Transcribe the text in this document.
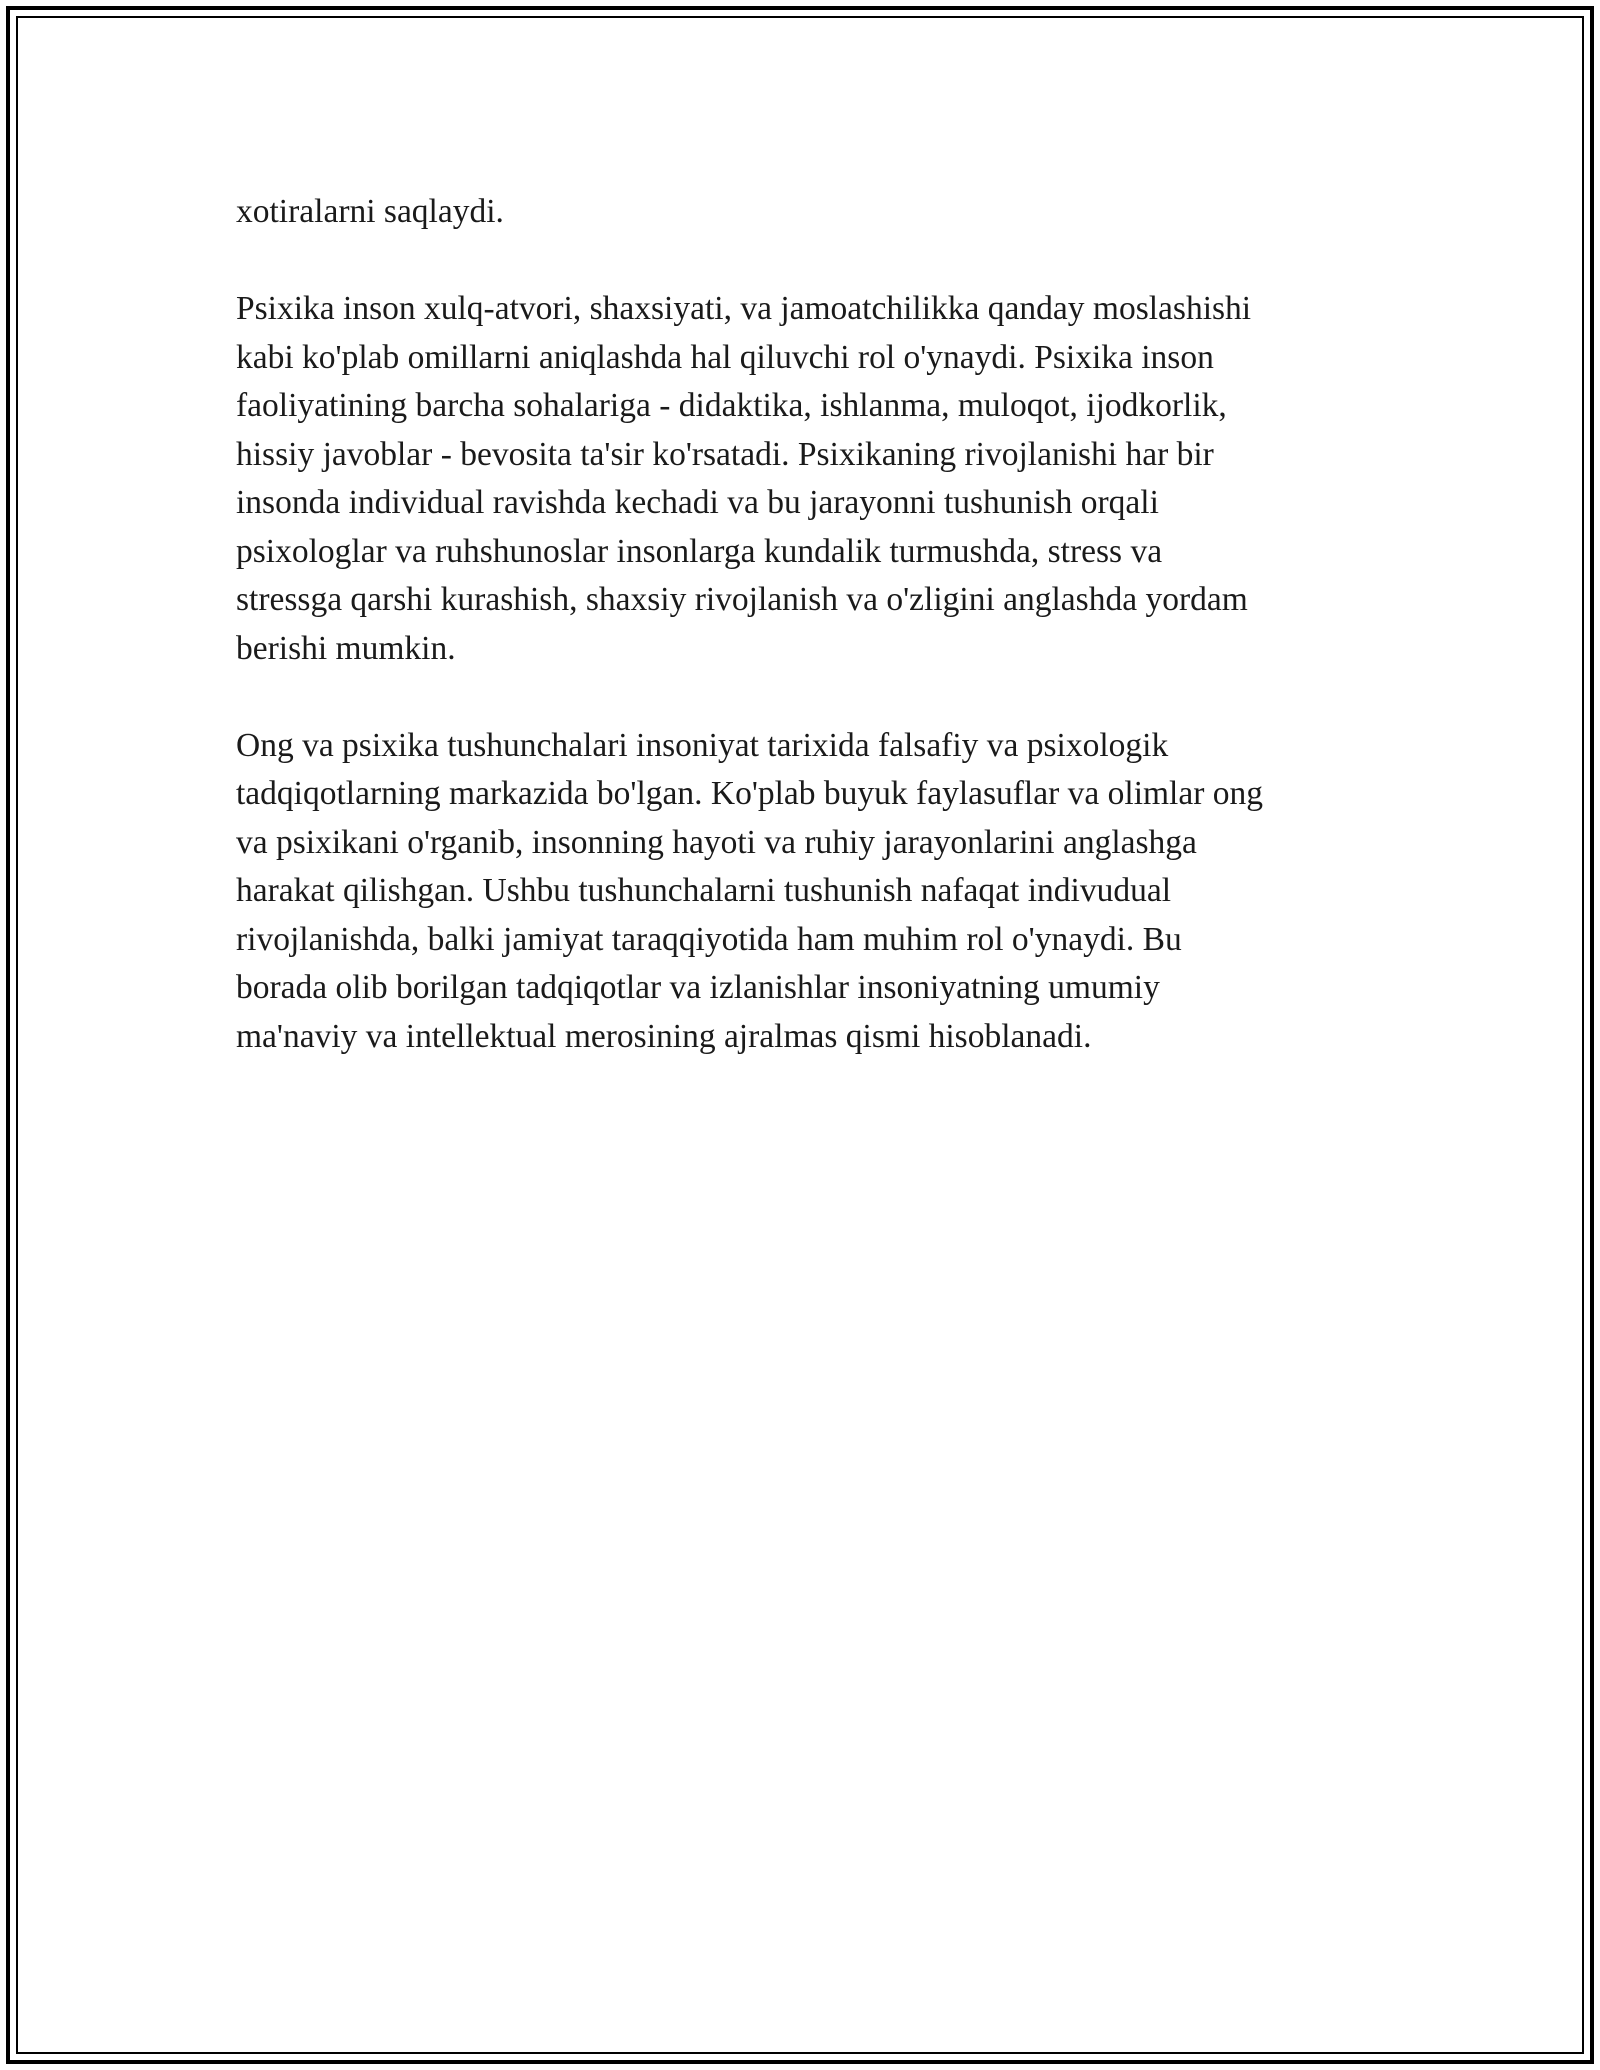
xotiralarni saqlaydi.

Psixika inson xulq-atvori, shaxsiyati, va jamoatchilikka qanday moslashishi
kabi ko'plab omillarni aniqlashda hal qiluvchi rol o'ynaydi. Psixika inson
faoliyatining barcha sohalariga - didaktika, ishlanma, muloqot, ijodkorlik,
hissiy javoblar - bevosita ta'sir ko'rsatadi. Psixikaning rivojlanishi har bir
insonda individual ravishda kechadi va bu jarayonni tushunish orqali
psixologlar va ruhshunoslar insonlarga kundalik turmushda, stress va
stressga qarshi kurashish, shaxsiy rivojlanish va o'zligini anglashda yordam
berishi mumkin.

Ong va psixika tushunchalari insoniyat tarixida falsafiy va psixologik
tadqiqotlarning markazida bo'lgan. Ko'plab buyuk faylasuflar va olimlar ong
va psixikani o'rganib, insonning hayoti va ruhiy jarayonlarini anglashga
harakat qilishgan. Ushbu tushunchalarni tushunish nafaqat indivudual
rivojlanishda, balki jamiyat taraqqiyotida ham muhim rol o'ynaydi. Bu
borada olib borilgan tadqiqotlar va izlanishlar insoniyatning umumiy
ma'naviy va intellektual merosining ajralmas qismi hisoblanadi.
